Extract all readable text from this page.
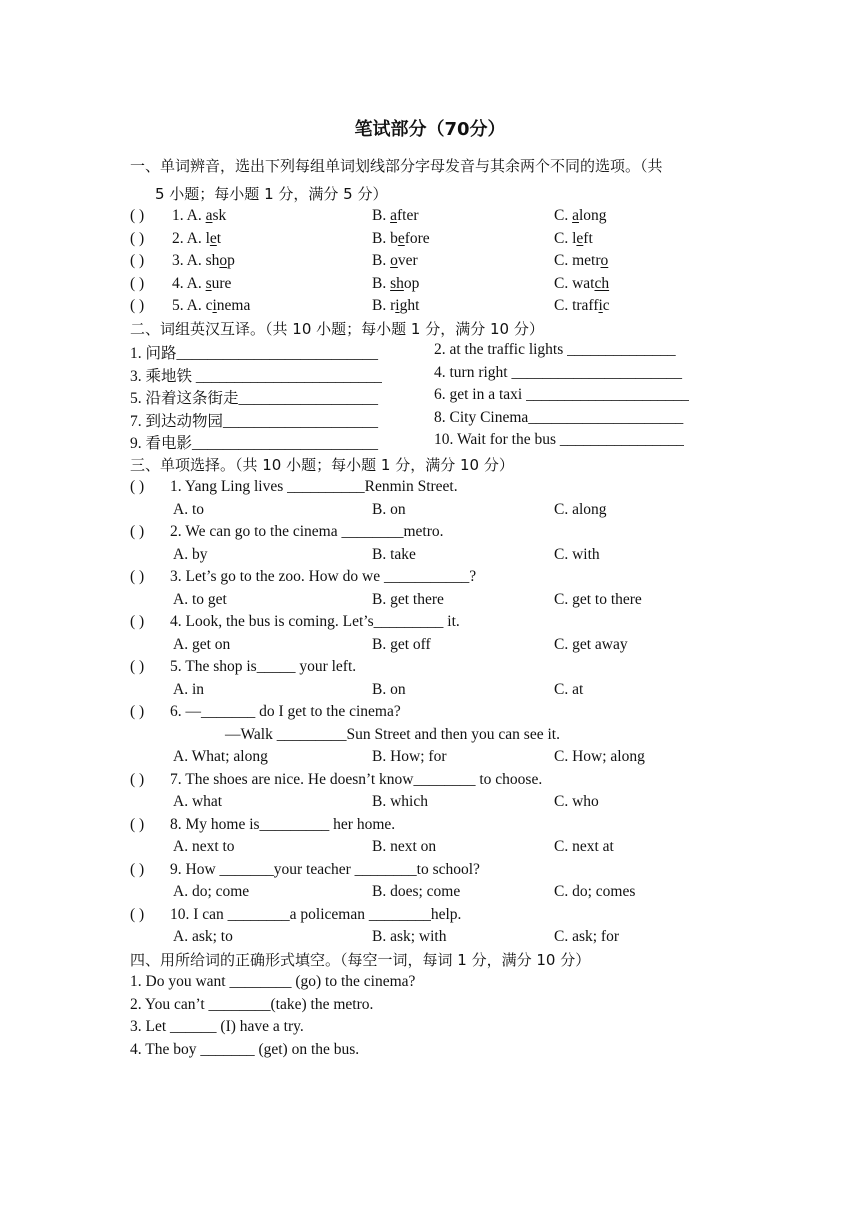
笔试部分（70分）
一、单词辨音，选出下列每组单词划线部分字母发音与其余两个不同的选项。（共
5 小题；每小题 1 分，满分 5 分）
( ) 1. A. ask	B. after	C. along
( ) 2. A. let	B. before	C. left
( ) 3. A. shop	B. over	C. metro
( ) 4. A. sure	B. shop	C. watch
( ) 5. A. cinema	B. right	C. traffic
二、词组英汉互译。（共 10 小题；每小题 1 分，满分 10 分）
1. 问路__________________________	2. at the traffic lights ______________
3. 乘地铁 ________________________	4. turn right ______________________
5. 沿着这条街走__________________	6. get in a taxi _____________________
7. 到达动物园____________________	8. City Cinema____________________
9. 看电影________________________	10. Wait for the bus ________________
三、单项选择。（共 10 小题；每小题 1 分，满分 10 分）
( ) 1. Yang Ling lives __________Renmin Street.
A. to	B. on	C. along
( ) 2. We can go to the cinema ________metro.
A. by	B. take	C. with
( ) 3. Let’s go to the zoo. How do we ___________?
A. to get	B. get there	C. get to there
( ) 4. Look, the bus is coming. Let’s_________ it.
A. get on	B. get off	C. get away
( ) 5. The shop is_____ your left.
A. in	B. on	C. at
( ) 6. —_______ do I get to the cinema?
—Walk _________Sun Street and then you can see it.
A. What; along	B. How; for	C. How; along
( ) 7. The shoes are nice. He doesn’t know________ to choose.
A. what	B. which	C. who
( ) 8. My home is_________ her home.
A. next to	B. next on	C. next at
( ) 9. How _______your teacher ________to school?
A. do; come	B. does; come	C. do; comes
( ) 10. I can ________a policeman ________help.
A. ask; to	B. ask; with	C. ask; for
四、用所给词的正确形式填空。（每空一词，每词 1 分，满分 10 分）
1. Do you want ________ (go) to the cinema?
2. You can’t ________(take) the metro.
3. Let ______ (I) have a try.
4. The boy _______ (get) on the bus.
